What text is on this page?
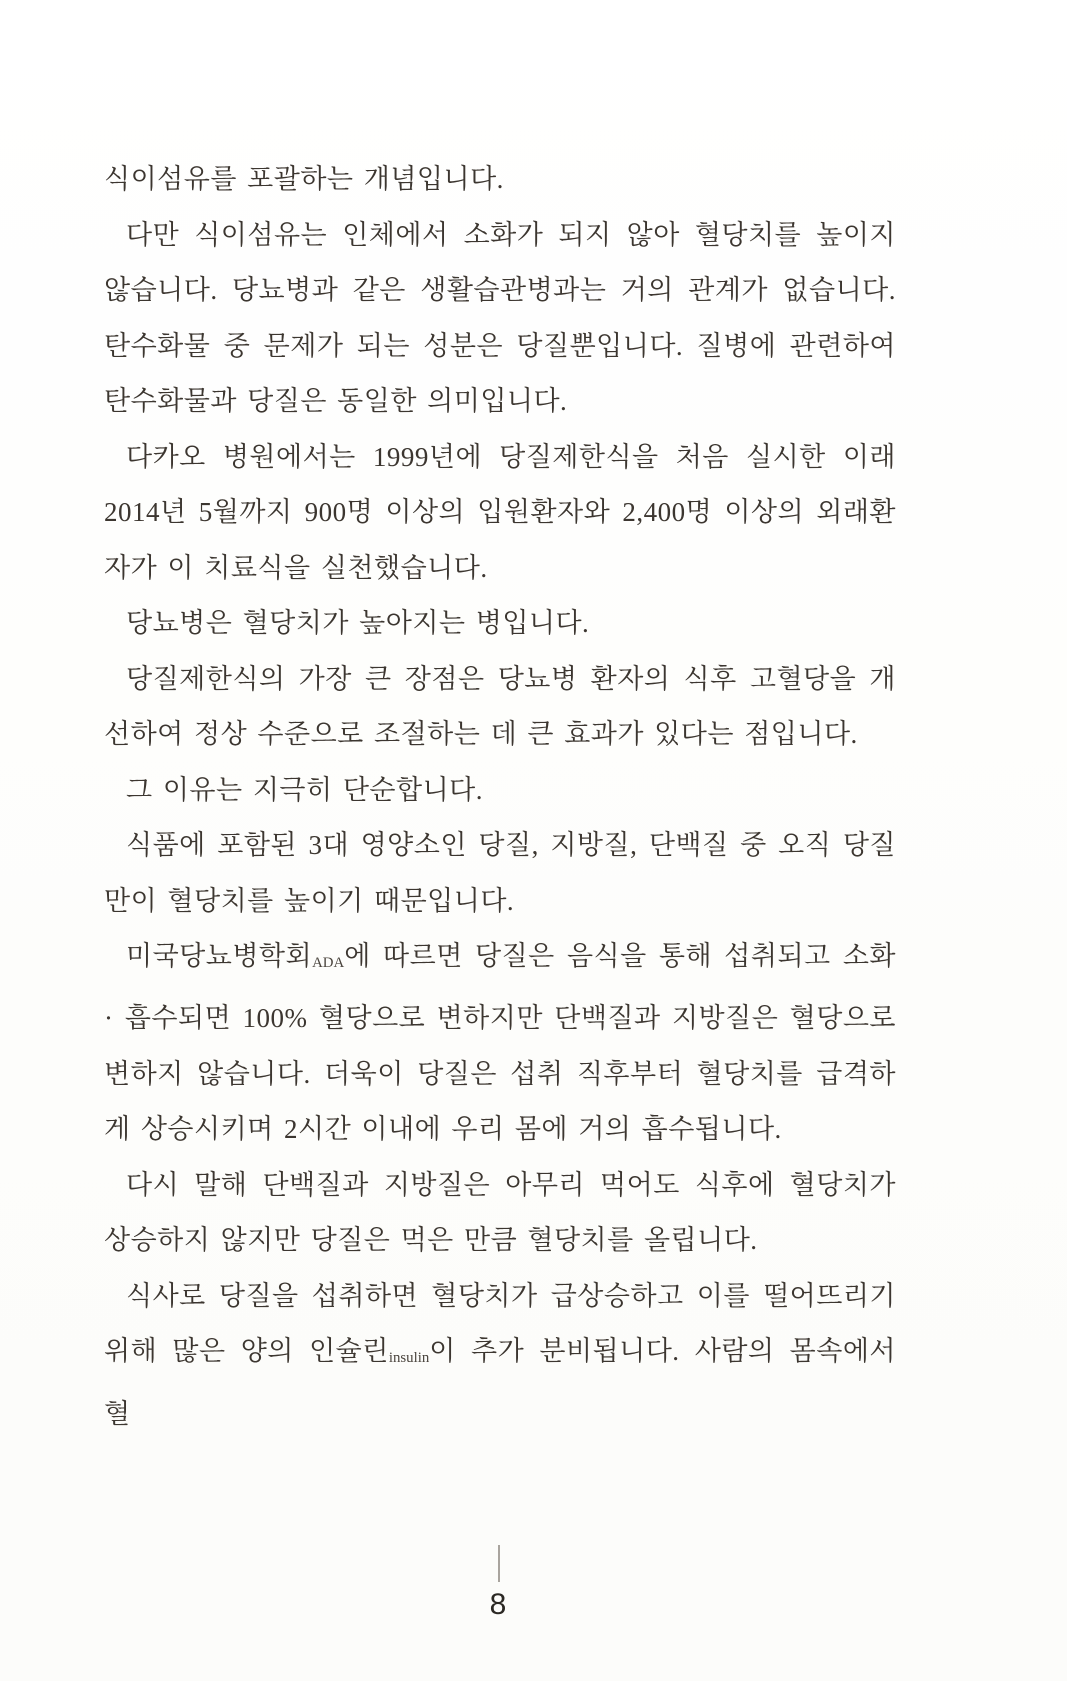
식이섬유를 포괄하는 개념입니다.

다만 식이섬유는 인체에서 소화가 되지 않아 혈당치를 높이지 않습니다. 당뇨병과 같은 생활습관병과는 거의 관계가 없습니다. 탄수화물 중 문제가 되는 성분은 당질뿐입니다. 질병에 관련하여 탄수화물과 당질은 동일한 의미입니다.

다카오 병원에서는 1999년에 당질제한식을 처음 실시한 이래 2014년 5월까지 900명 이상의 입원환자와 2,400명 이상의 외래환자가 이 치료식을 실천했습니다.

당뇨병은 혈당치가 높아지는 병입니다.

당질제한식의 가장 큰 장점은 당뇨병 환자의 식후 고혈당을 개선하여 정상 수준으로 조절하는 데 큰 효과가 있다는 점입니다.

그 이유는 지극히 단순합니다.

식품에 포함된 3대 영양소인 당질, 지방질, 단백질 중 오직 당질만이 혈당치를 높이기 때문입니다.

미국당뇨병학회ADA에 따르면 당질은 음식을 통해 섭취되고 소화 · 흡수되면 100% 혈당으로 변하지만 단백질과 지방질은 혈당으로 변하지 않습니다. 더욱이 당질은 섭취 직후부터 혈당치를 급격하게 상승시키며 2시간 이내에 우리 몸에 거의 흡수됩니다.

다시 말해 단백질과 지방질은 아무리 먹어도 식후에 혈당치가 상승하지 않지만 당질은 먹은 만큼 혈당치를 올립니다.

식사로 당질을 섭취하면 혈당치가 급상승하고 이를 떨어뜨리기 위해 많은 양의 인슐린insulin이 추가 분비됩니다. 사람의 몸속에서 혈

8
